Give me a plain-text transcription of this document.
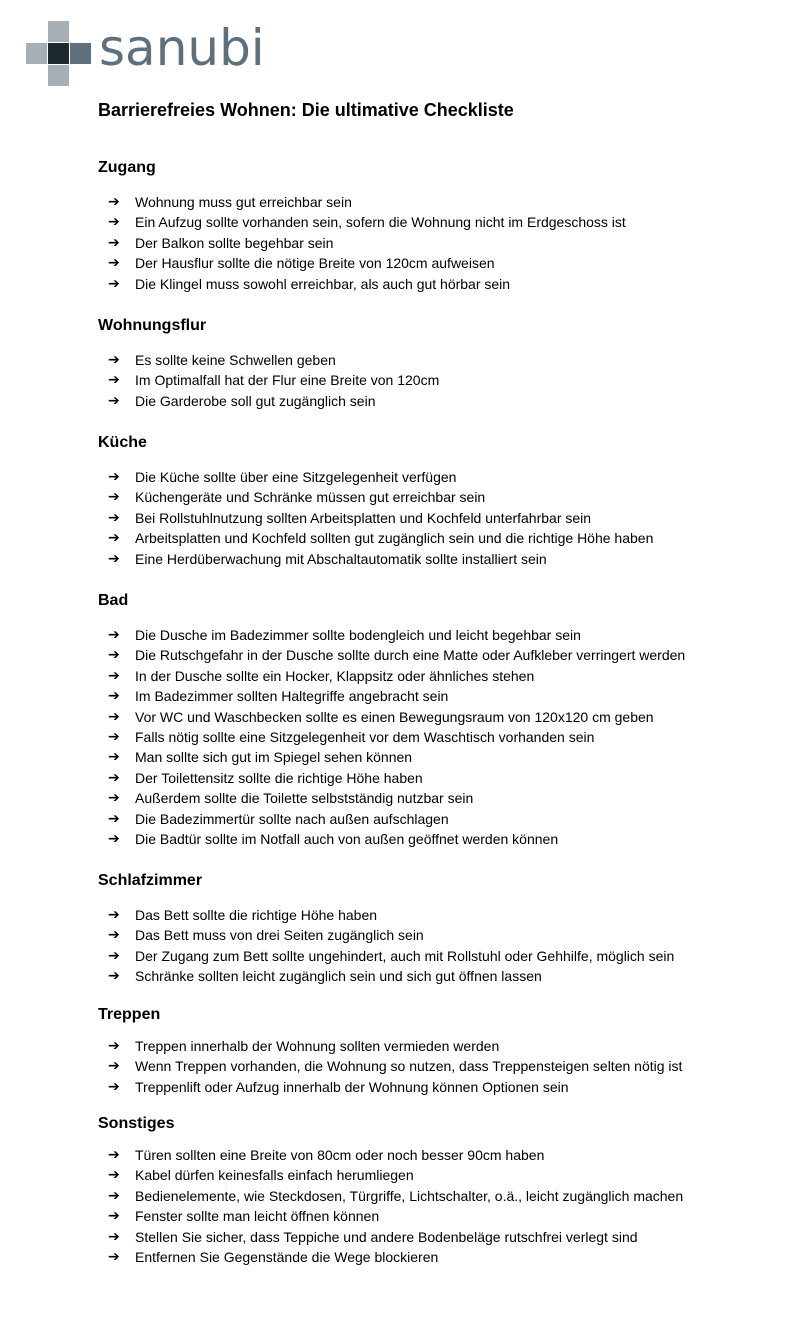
sanubi
Barrierefreies Wohnen: Die ultimative Checkliste
Zugang
➔	Wohnung muss gut erreichbar sein
➔	Ein Aufzug sollte vorhanden sein, sofern die Wohnung nicht im Erdgeschoss ist
➔	Der Balkon sollte begehbar sein
➔	Der Hausflur sollte die nötige Breite von 120cm aufweisen
➔	Die Klingel muss sowohl erreichbar, als auch gut hörbar sein
Wohnungsflur
➔	Es sollte keine Schwellen geben
➔	Im Optimalfall hat der Flur eine Breite von 120cm
➔	Die Garderobe soll gut zugänglich sein
Küche
➔	Die Küche sollte über eine Sitzgelegenheit verfügen
➔	Küchengeräte und Schränke müssen gut erreichbar sein
➔	Bei Rollstuhlnutzung sollten Arbeitsplatten und Kochfeld unterfahrbar sein
➔	Arbeitsplatten und Kochfeld sollten gut zugänglich sein und die richtige Höhe haben
➔	Eine Herdüberwachung mit Abschaltautomatik sollte installiert sein
Bad
➔	Die Dusche im Badezimmer sollte bodengleich und leicht begehbar sein
➔	Die Rutschgefahr in der Dusche sollte durch eine Matte oder Aufkleber verringert werden
➔	In der Dusche sollte ein Hocker, Klappsitz oder ähnliches stehen
➔	Im Badezimmer sollten Haltegriffe angebracht sein
➔	Vor WC und Waschbecken sollte es einen Bewegungsraum von 120x120 cm geben
➔	Falls nötig sollte eine Sitzgelegenheit vor dem Waschtisch vorhanden sein
➔	Man sollte sich gut im Spiegel sehen können
➔	Der Toilettensitz sollte die richtige Höhe haben
➔	Außerdem sollte die Toilette selbstständig nutzbar sein
➔	Die Badezimmertür sollte nach außen aufschlagen
➔	Die Badtür sollte im Notfall auch von außen geöffnet werden können
Schlafzimmer
➔	Das Bett sollte die richtige Höhe haben
➔	Das Bett muss von drei Seiten zugänglich sein
➔	Der Zugang zum Bett sollte ungehindert, auch mit Rollstuhl oder Gehhilfe, möglich sein
➔	Schränke sollten leicht zugänglich sein und sich gut öffnen lassen
Treppen
➔	Treppen innerhalb der Wohnung sollten vermieden werden
➔	Wenn Treppen vorhanden, die Wohnung so nutzen, dass Treppensteigen selten nötig ist
➔	Treppenlift oder Aufzug innerhalb der Wohnung können Optionen sein
Sonstiges
➔	Türen sollten eine Breite von 80cm oder noch besser 90cm haben
➔	Kabel dürfen keinesfalls einfach herumliegen
➔	Bedienelemente, wie Steckdosen, Türgriffe, Lichtschalter, o.ä., leicht zugänglich machen
➔	Fenster sollte man leicht öffnen können
➔	Stellen Sie sicher, dass Teppiche und andere Bodenbeläge rutschfrei verlegt sind
➔	Entfernen Sie Gegenstände die Wege blockieren
